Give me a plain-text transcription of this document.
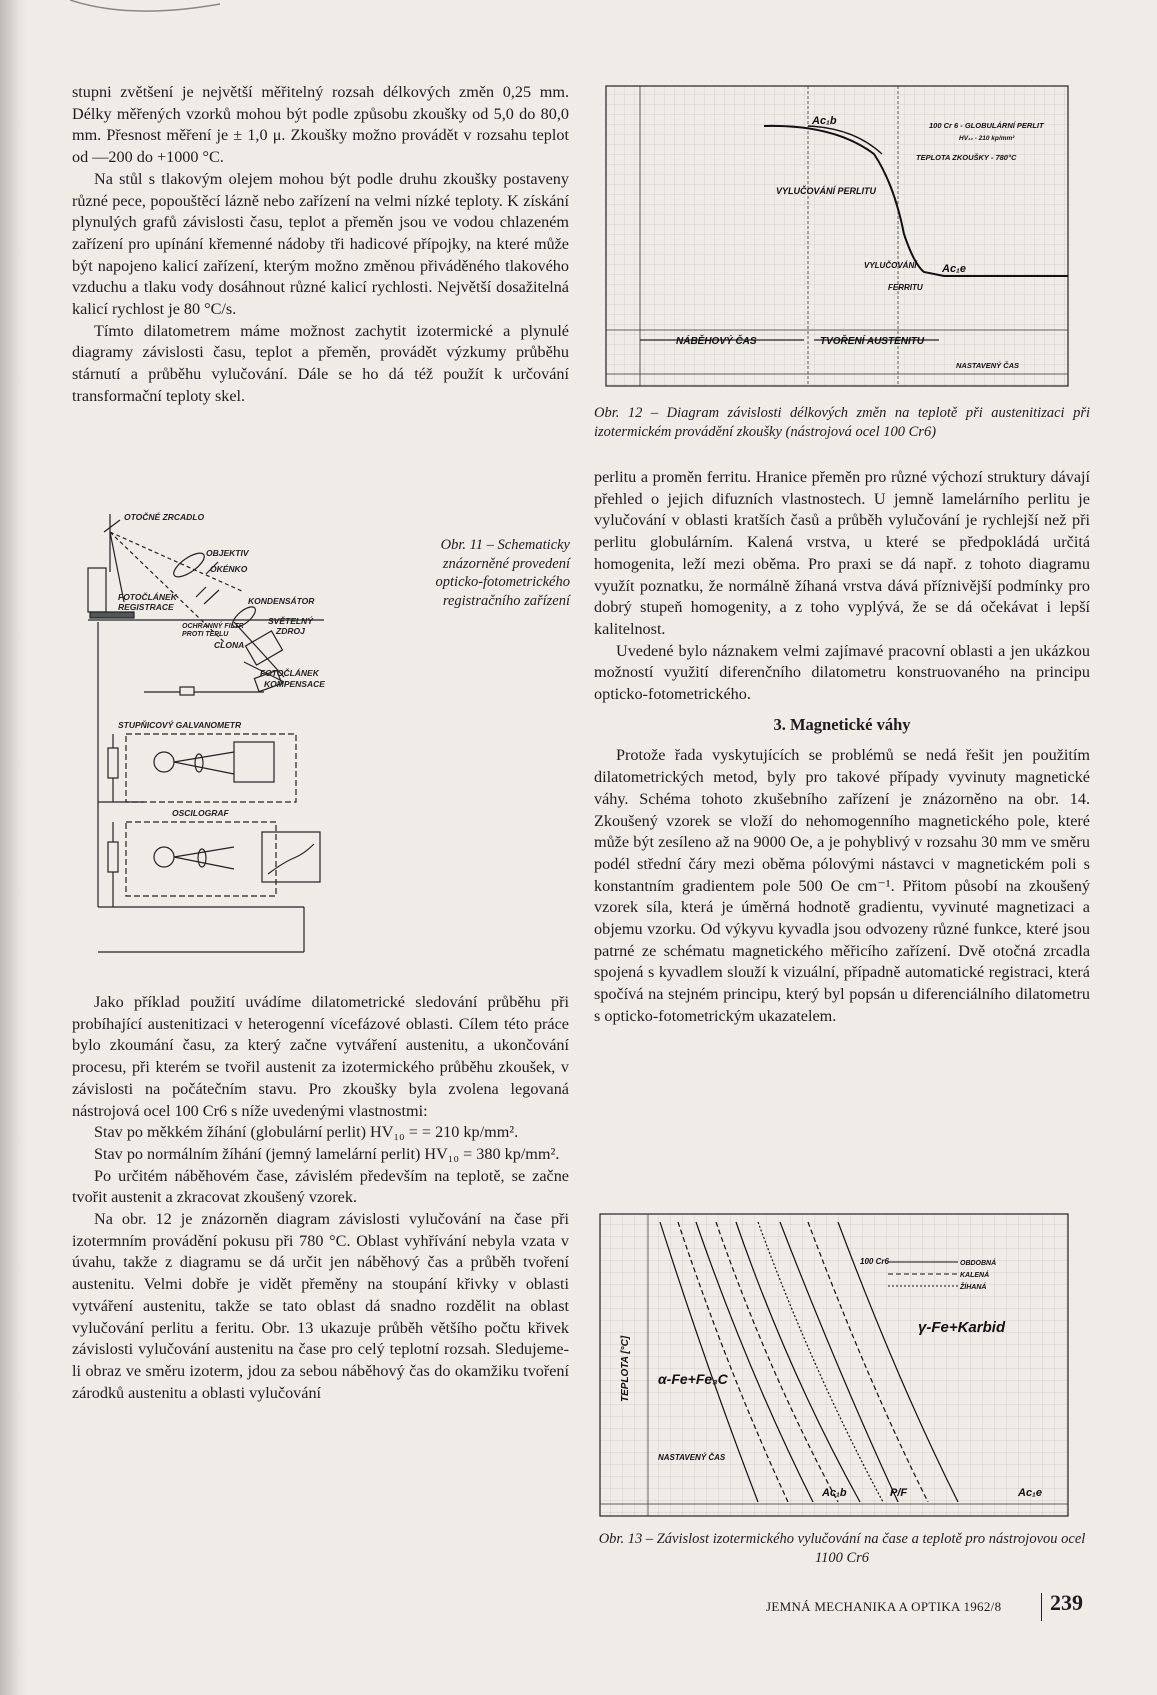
stupni zvětšení je největší měřitelný rozsah délkových změn 0,25 mm. Délky měřených vzorků mohou být podle způsobu zkoušky od 5,0 do 80,0 mm. Přesnost měření je ± 1,0 μ. Zkoušky možno provádět v rozsahu teplot od —200 do +1000 °C.

Na stůl s tlakovým olejem mohou být podle druhu zkoušky postaveny různé pece, popouštěcí lázně nebo zařízení na velmi nízké teploty. K získání plynulých grafů závislosti času, teplot a přeměn jsou ve vodou chlazeném zařízení pro upínání křemenné nádoby tři hadicové přípojky, na které může být napojeno kalicí zařízení, kterým možno změnou přiváděného tlakového vzduchu a tlaku vody dosáhnout různé kalicí rychlosti. Největší dosažitelná kalicí rychlost je 80 °C/s.

Tímto dilatometrem máme možnost zachytit izotermické a plynulé diagramy závislosti času, teplot a přeměn, provádět výzkumy průběhu stárnutí a průběhu vylučování. Dále se ho dá též použít k určování transformační teploty skel.

OTOČNÉ ZRCADLO
OBJEKTIV
OKÉNKO
FOTOČLÁNEK
REGISTRACE
KONDENSÁTOR
OCHRANNÝ FILTR
PROTI TEPLU
SVĚTELNÝ
ZDROJ
CLONA
FOTOČLÁNEK
KOMPENSACE
STUPŇICOVÝ GALVANOMETR
OSCILOGRAF
Obr. 11 – Schematicky znázorněné provedení opticko-fotometrického registračního zařízení

Jako příklad použití uvádíme dilatometrické sledování průběhu při probíhající austenitizaci v heterogenní vícefázové oblasti. Cílem této práce bylo zkoumání času, za který začne vytváření austenitu, a ukončování procesu, při kterém se tvořil austenit za izotermického průběhu zkoušek, v závislosti na počátečním stavu. Pro zkoušky byla zvolena legovaná nástrojová ocel 100 Cr6 s níže uvedenými vlastnostmi:

Stav po měkkém žíhání (globulární perlit) HV₁₀ = = 210 kp/mm².

Stav po normálním žíhání (jemný lamelární perlit) HV₁₀ = 380 kp/mm².

Po určitém náběhovém čase, závislém především na teplotě, se začne tvořit austenit a zkracovat zkoušený vzorek.

Na obr. 12 je znázorněn diagram závislosti vylučování na čase při izotermním provádění pokusu při 780 °C. Oblast vyhřívání nebyla vzata v úvahu, takže z diagramu se dá určit jen náběhový čas a průběh tvoření austenitu. Velmi dobře je vidět přeměny na stoupání křivky v oblasti vytváření austenitu, takže se tato oblast dá snadno rozdělit na oblast vylučování perlitu a feritu. Obr. 13 ukazuje průběh většího počtu křivek závislosti vylučování austenitu na čase pro celý teplotní rozsah. Sledujeme-li obraz ve směru izoterm, jdou za sebou náběhový čas do okamžiku tvoření zárodků austenitu a oblasti vylučování

Ac₁b	100 Cr 6 - GLOBULÁRNÍ PERLIT
HV₁₀ - 210 kp/mm²
TEPLOTA ZKOUŠKY - 780°C
VYLUČOVÁNÍ PERLITU
VYLUČOVÁNÍ
FERRITU
Ac₁e
NÁBĚHOVÝ ČAS	TVOŘENÍ AUSTENITU
NASTAVENÝ ČAS
Obr. 12 – Diagram závislosti délkových změn na teplotě při austenitizaci při izotermickém provádění zkoušky (nástrojová ocel 100 Cr6)

perlitu a proměn ferritu. Hranice přeměn pro různé výchozí struktury dávají přehled o jejich difuzních vlastnostech. U jemně lamelárního perlitu je vylučování v oblasti kratších časů a průběh vylučování je rychlejší než při perlitu globulárním. Kalená vrstva, u které se předpokládá určitá homogenita, leží mezi oběma. Pro praxi se dá např. z tohoto diagramu využít poznatku, že normálně žíhaná vrstva dává příznivější podmínky pro dobrý stupeň homogenity, a z toho vyplývá, že se dá očekávat i lepší kalitelnost.

Uvedené bylo náznakem velmi zajímavé pracovní oblasti a jen ukázkou možností využití diferenčního dilatometru konstruovaného na principu opticko-fotometrického.

3. Magnetické váhy

Protože řada vyskytujících se problémů se nedá řešit jen použitím dilatometrických metod, byly pro takové případy vyvinuty magnetické váhy. Schéma tohoto zkušebního zařízení je znázorněno na obr. 14. Zkoušený vzorek se vloží do nehomogenního magnetického pole, které může být zesíleno až na 9000 Oe, a je pohyblivý v rozsahu 30 mm ve směru podél střední čáry mezi oběma pólovými nástavci v magnetickém poli s konstantním gradientem pole 500 Oe cm⁻¹. Přitom působí na zkoušený vzorek síla, která je úměrná hodnotě gradientu, vyvinuté magnetizaci a objemu vzorku. Od výkyvu kyvadla jsou odvozeny různé funkce, které jsou patrné ze schématu magnetického měřicího zařízení. Dvě otočná zrcadla spojená s kyvadlem slouží k vizuální, případně automatické registraci, která spočívá na stejném principu, který byl popsán u diferenciálního dilatometru s opticko-fotometrickým ukazatelem.

TEPLOTA [°C]
100 Cr6	OBDOBNÁ
KALENÁ
ŽÍHANÁ
γ-Fe+Karbid
α-Fe+Fe₃C
NASTAVENÝ ČAS
Ac₁b	P/F	Ac₁e
Obr. 13 – Závislost izotermického vylučování na čase a teplotě pro nástrojovou ocel 1100 Cr6
JEMNÁ MECHANIKA A OPTIKA 1962/8 239
